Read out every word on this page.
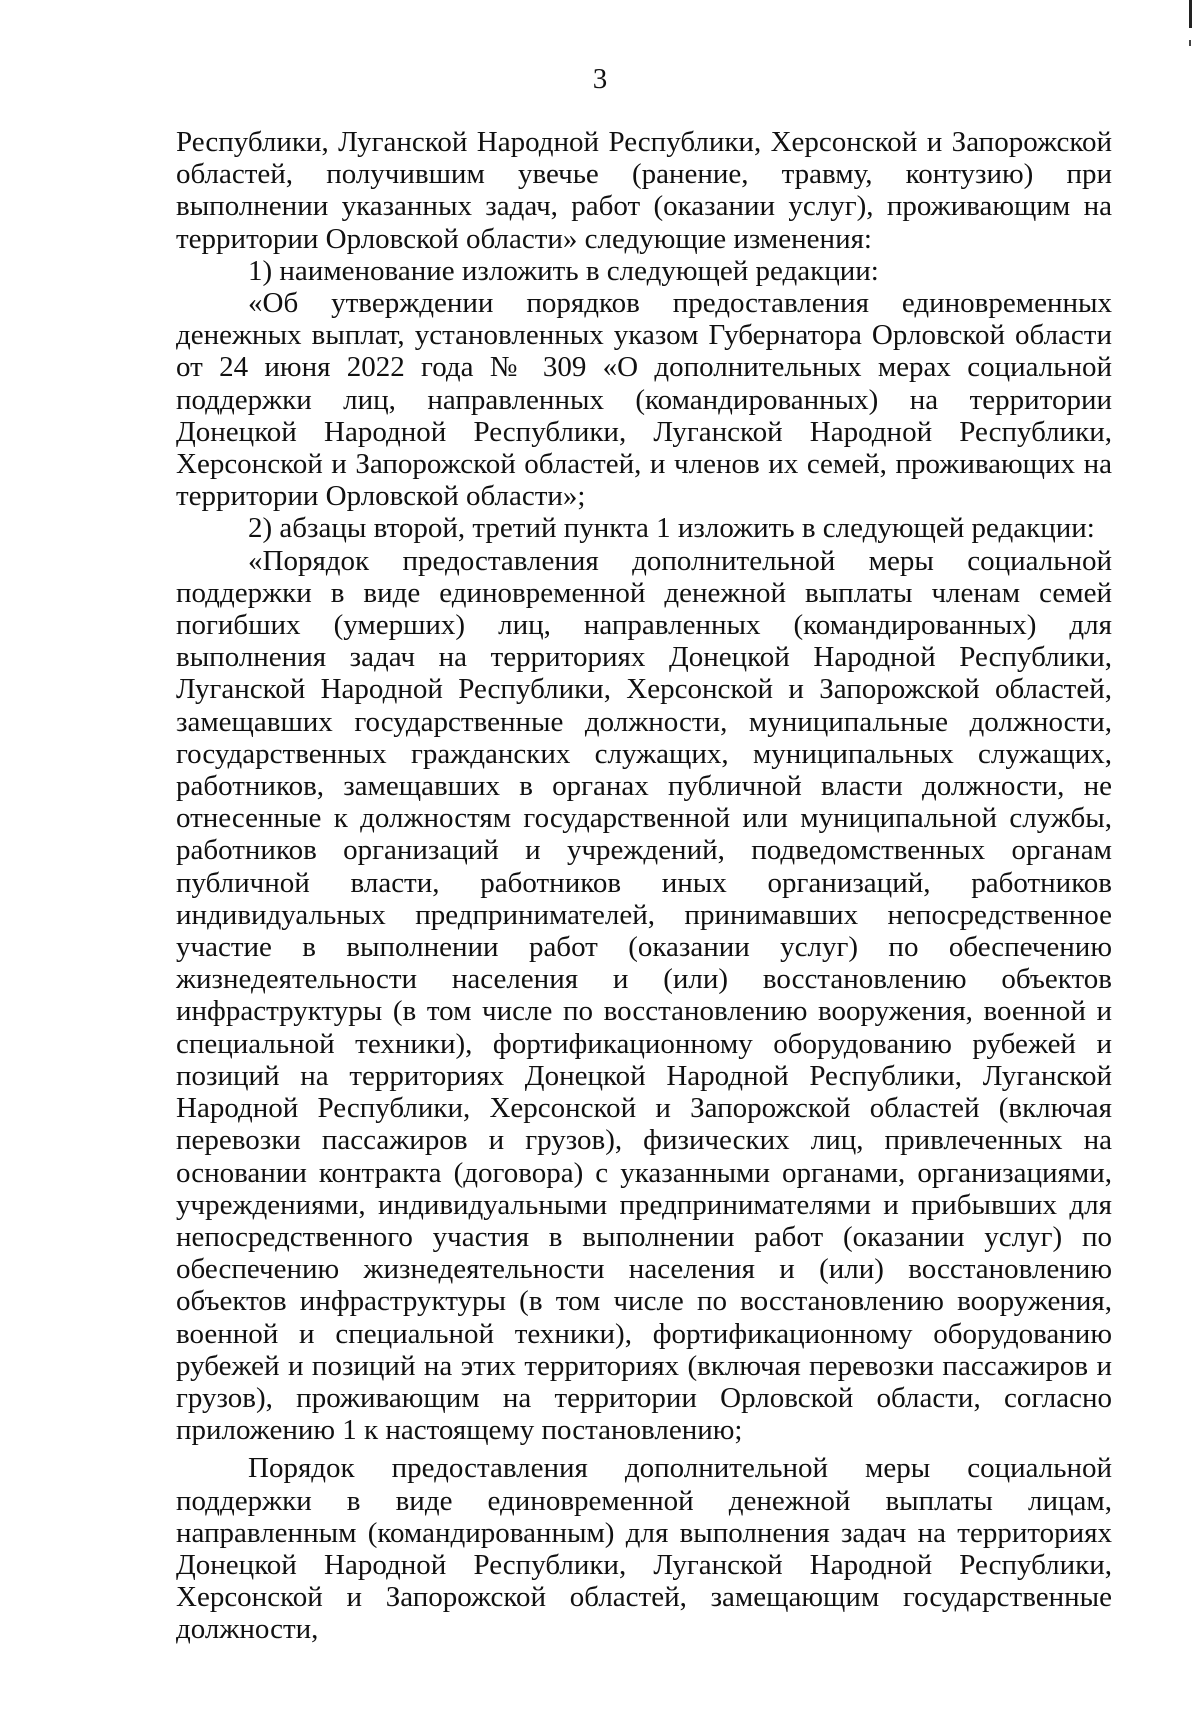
3

Республики, Луганской Народной Республики, Херсонской и Запорожской областей, получившим увечье (ранение, травму, контузию) при выполнении указанных задач, работ (оказании услуг), проживающим на территории Орловской области» следующие изменения:

1) наименование изложить в следующей редакции:

«Об утверждении порядков предоставления единовременных денежных выплат, установленных указом Губернатора Орловской области от 24 июня 2022 года № 309 «О дополнительных мерах социальной поддержки лиц, направленных (командированных) на территории Донецкой Народной Республики, Луганской Народной Республики, Херсонской и Запорожской областей, и членов их семей, проживающих на территории Орловской области»;

2) абзацы второй, третий пункта 1 изложить в следующей редакции:

«Порядок предоставления дополнительной меры социальной поддержки в виде единовременной денежной выплаты членам семей погибших (умерших) лиц, направленных (командированных) для выполнения задач на территориях Донецкой Народной Республики, Луганской Народной Республики, Херсонской и Запорожской областей, замещавших государственные должности, муниципальные должности, государственных гражданских служащих, муниципальных служащих, работников, замещавших в органах публичной власти должности, не отнесенные к должностям государственной или муниципальной службы, работников организаций и учреждений, подведомственных органам публичной власти, работников иных организаций, работников индивидуальных предпринимателей, принимавших непосредственное участие в выполнении работ (оказании услуг) по обеспечению жизнедеятельности населения и (или) восстановлению объектов инфраструктуры (в том числе по восстановлению вооружения, военной и специальной техники), фортификационному оборудованию рубежей и позиций на территориях Донецкой Народной Республики, Луганской Народной Республики, Херсонской и Запорожской областей (включая перевозки пассажиров и грузов), физических лиц, привлеченных на основании контракта (договора) с указанными органами, организациями, учреждениями, индивидуальными предпринимателями и прибывших для непосредственного участия в выполнении работ (оказании услуг) по обеспечению жизнедеятельности населения и (или) восстановлению объектов инфраструктуры (в том числе по восстановлению вооружения, военной и специальной техники), фортификационному оборудованию рубежей и позиций на этих территориях (включая перевозки пассажиров и грузов), проживающим на территории Орловской области, согласно приложению 1 к настоящему постановлению;

Порядок предоставления дополнительной меры социальной поддержки в виде единовременной денежной выплаты лицам, направленным (командированным) для выполнения задач на территориях Донецкой Народной Республики, Луганской Народной Республики, Херсонской и Запорожской областей, замещающим государственные должности,
